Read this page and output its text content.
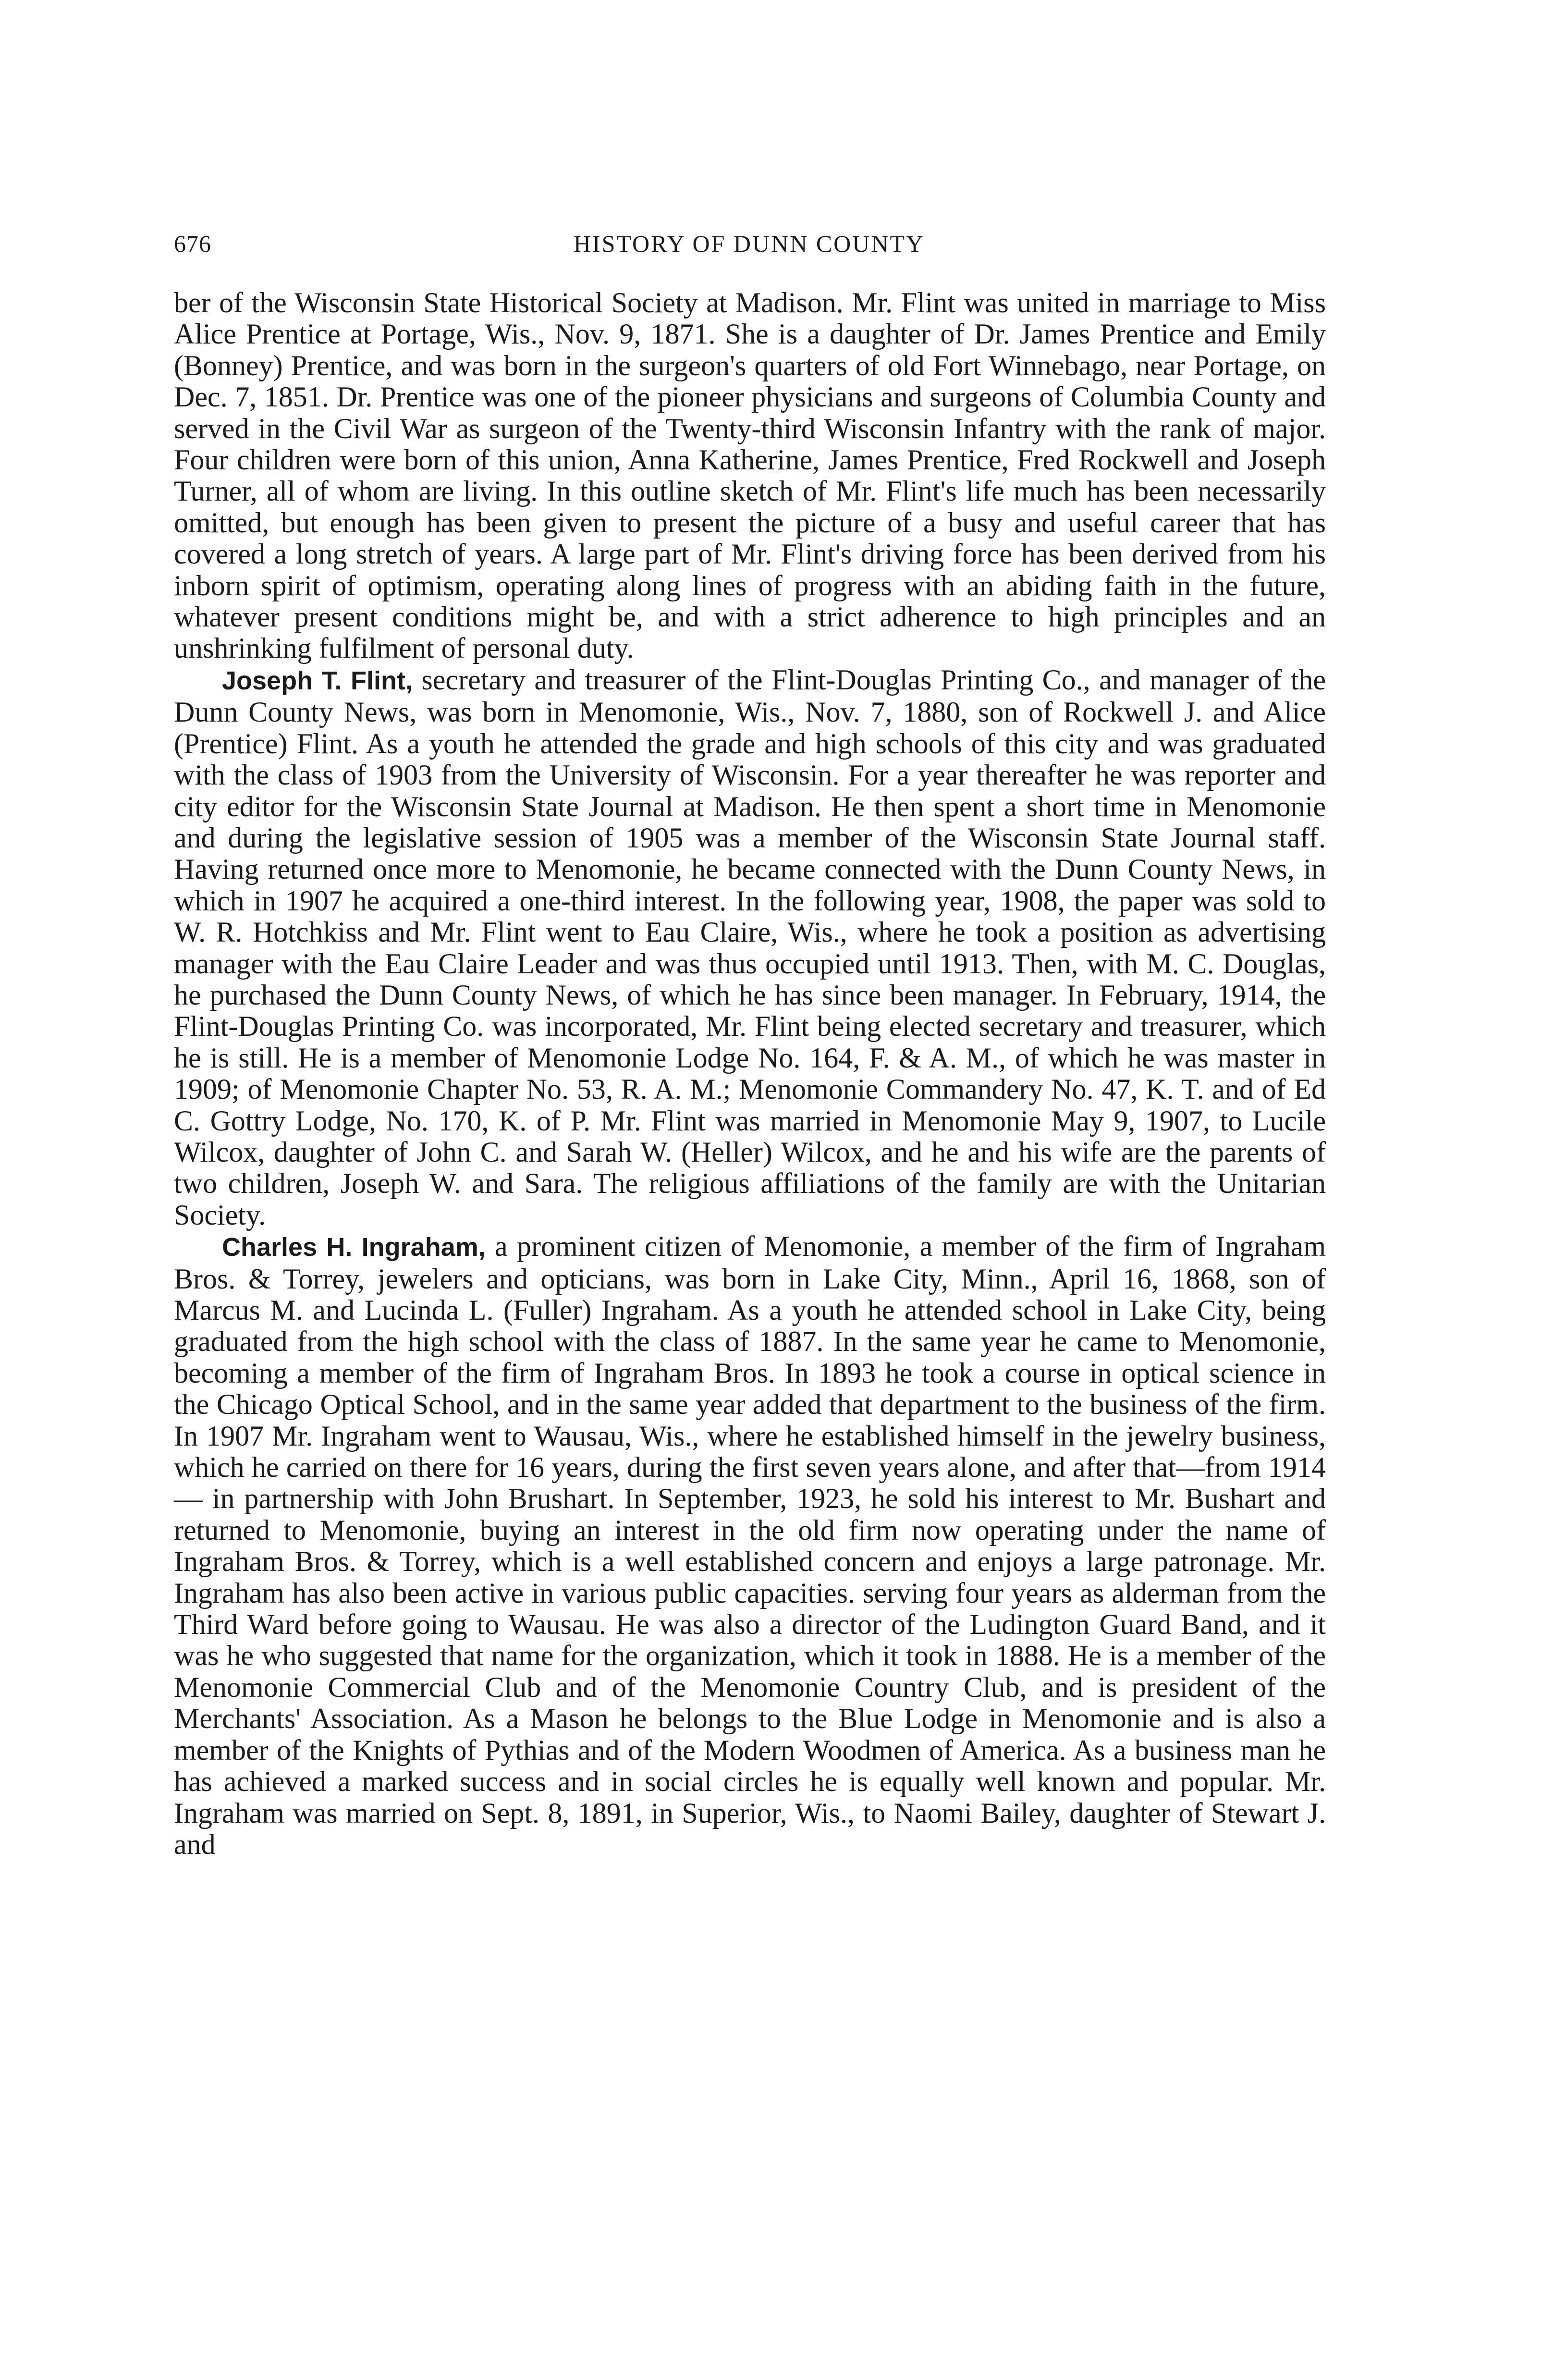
676	HISTORY OF DUNN COUNTY

ber of the Wisconsin State Historical Society at Madison. Mr. Flint was united in marriage to Miss Alice Prentice at Portage, Wis., Nov. 9, 1871. She is a daughter of Dr. James Prentice and Emily (Bonney) Prentice, and was born in the surgeon's quarters of old Fort Winnebago, near Portage, on Dec. 7, 1851. Dr. Prentice was one of the pioneer physicians and surgeons of Columbia County and served in the Civil War as surgeon of the Twenty-third Wisconsin Infantry with the rank of major. Four children were born of this union, Anna Katherine, James Prentice, Fred Rockwell and Joseph Turner, all of whom are living. In this outline sketch of Mr. Flint's life much has been necessarily omitted, but enough has been given to present the picture of a busy and useful career that has covered a long stretch of years. A large part of Mr. Flint's driving force has been derived from his inborn spirit of optimism, operating along lines of progress with an abiding faith in the future, whatever present conditions might be, and with a strict adherence to high principles and an unshrinking fulfilment of personal duty.

Joseph T. Flint, secretary and treasurer of the Flint-Douglas Printing Co., and manager of the Dunn County News, was born in Menomonie, Wis., Nov. 7, 1880, son of Rockwell J. and Alice (Prentice) Flint. As a youth he attended the grade and high schools of this city and was graduated with the class of 1903 from the University of Wisconsin. For a year thereafter he was reporter and city editor for the Wisconsin State Journal at Madison. He then spent a short time in Menomonie and during the legislative session of 1905 was a member of the Wisconsin State Journal staff. Having returned once more to Menomonie, he became connected with the Dunn County News, in which in 1907 he acquired a one-third interest. In the following year, 1908, the paper was sold to W. R. Hotchkiss and Mr. Flint went to Eau Claire, Wis., where he took a position as advertising manager with the Eau Claire Leader and was thus occupied until 1913. Then, with M. C. Douglas, he purchased the Dunn County News, of which he has since been manager. In February, 1914, the Flint-Douglas Printing Co. was incorporated, Mr. Flint being elected secretary and treasurer, which he is still. He is a member of Menomonie Lodge No. 164, F. & A. M., of which he was master in 1909; of Menomonie Chapter No. 53, R. A. M.; Menomonie Commandery No. 47, K. T. and of Ed C. Gottry Lodge, No. 170, K. of P. Mr. Flint was married in Menomonie May 9, 1907, to Lucile Wilcox, daughter of John C. and Sarah W. (Heller) Wilcox, and he and his wife are the parents of two children, Joseph W. and Sara. The religious affiliations of the family are with the Unitarian Society.

Charles H. Ingraham, a prominent citizen of Menomonie, a member of the firm of Ingraham Bros. & Torrey, jewelers and opticians, was born in Lake City, Minn., April 16, 1868, son of Marcus M. and Lucinda L. (Fuller) Ingraham. As a youth he attended school in Lake City, being graduated from the high school with the class of 1887. In the same year he came to Menomonie, becoming a member of the firm of Ingraham Bros. In 1893 he took a course in optical science in the Chicago Optical School, and in the same year added that department to the business of the firm. In 1907 Mr. Ingraham went to Wausau, Wis., where he established himself in the jewelry business, which he carried on there for 16 years, during the first seven years alone, and after that—from 1914— in partnership with John Brushart. In September, 1923, he sold his interest to Mr. Bushart and returned to Menomonie, buying an interest in the old firm now operating under the name of Ingraham Bros. & Torrey, which is a well established concern and enjoys a large patronage. Mr. Ingraham has also been active in various public capacities. serving four years as alderman from the Third Ward before going to Wausau. He was also a director of the Ludington Guard Band, and it was he who suggested that name for the organization, which it took in 1888. He is a member of the Menomonie Commercial Club and of the Menomonie Country Club, and is president of the Merchants' Association. As a Mason he belongs to the Blue Lodge in Menomonie and is also a member of the Knights of Pythias and of the Modern Woodmen of America. As a business man he has achieved a marked success and in social circles he is equally well known and popular. Mr. Ingraham was married on Sept. 8, 1891, in Superior, Wis., to Naomi Bailey, daughter of Stewart J. and
